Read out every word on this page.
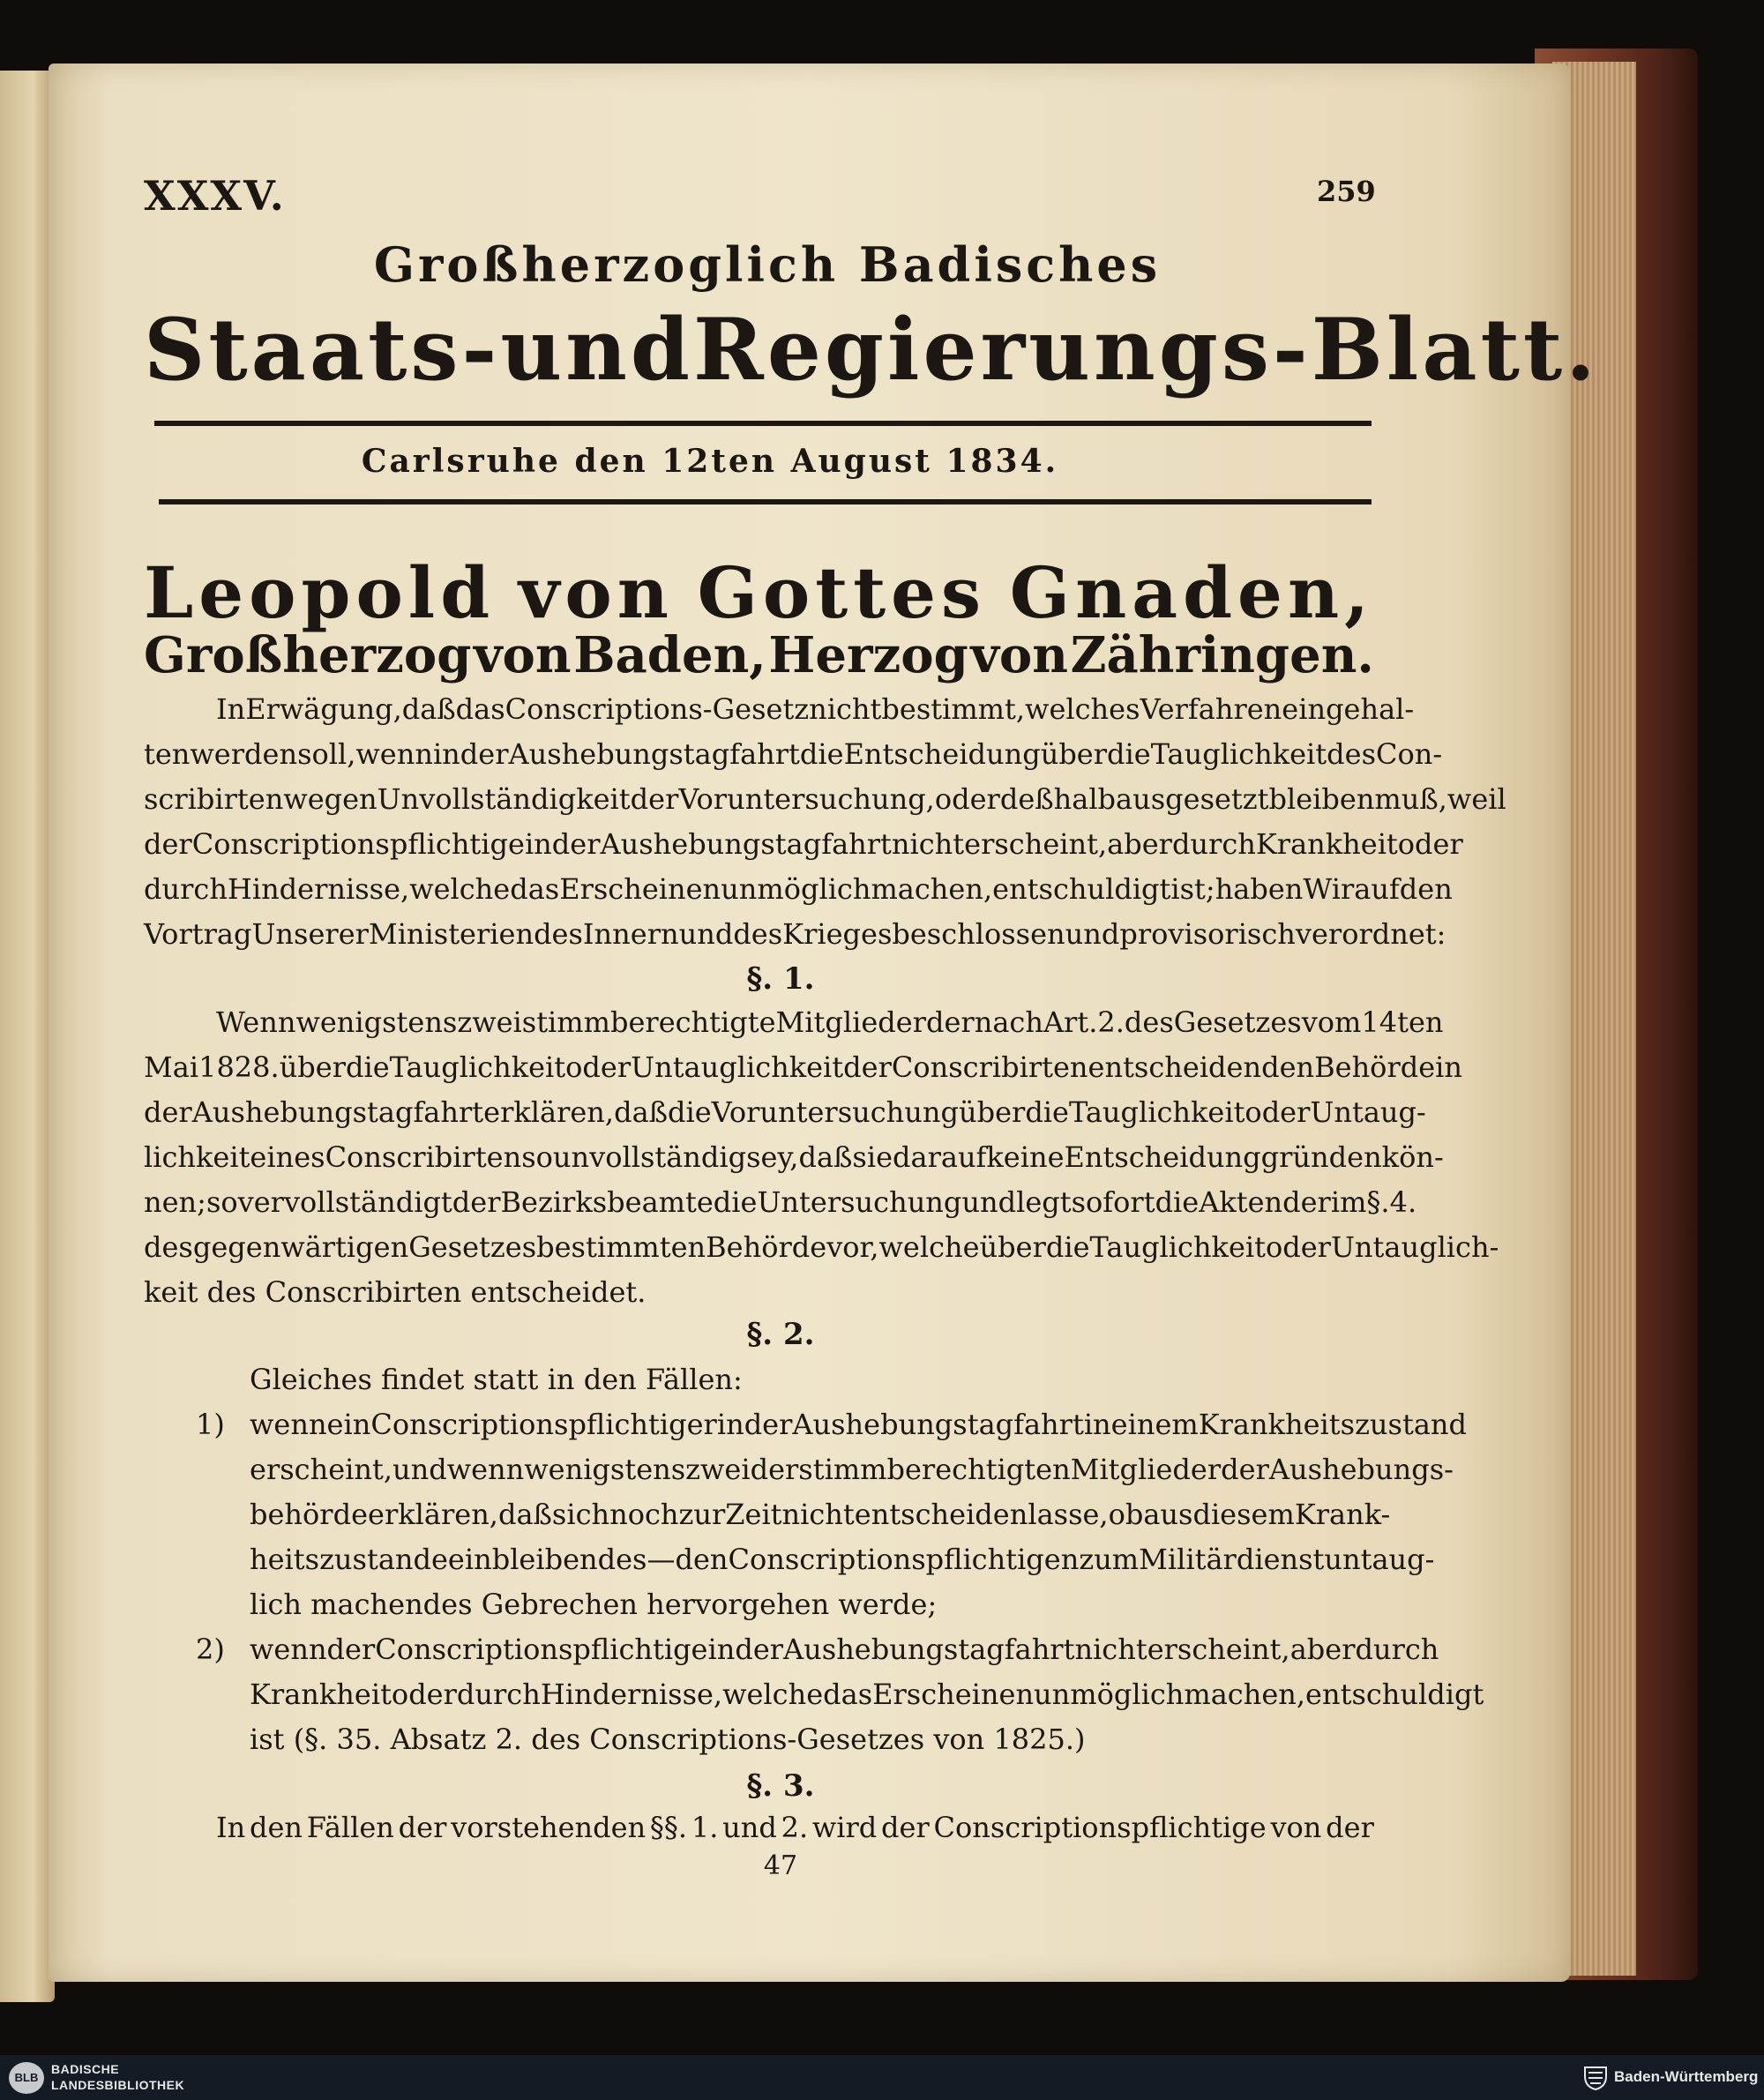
XXXV.	259
Großherzoglich Badisches
Staats - und Regierungs - Blatt.
Carlsruhe den 12ten August 1834.
Leopold von Gottes Gnaden,
Großherzog von Baden, Herzog von Zähringen.
In Erwägung, daß das Conscriptions-Gesetz nicht bestimmt, welches Verfahren eingehal-
ten werden soll, wenn in der Aushebungstagfahrt die Entscheidung über die Tauglichkeit des Con-
scribirten wegen Unvollständigkeit der Voruntersuchung, oder deßhalb ausgesetzt bleiben muß, weil
der Conscriptionspflichtige in der Aushebungstagfahrt nicht erscheint, aber durch Krankheit oder
durch Hindernisse, welche das Erscheinen unmöglich machen, entschuldigt ist; haben Wir auf den
Vortrag Unserer Ministerien des Innern und des Krieges beschlossen und provisorisch verordnet:
§. 1.
Wenn wenigstens zwei stimmberechtigte Mitglieder der nach Art. 2. des Gesetzes vom 14ten
Mai 1828. über die Tauglichkeit oder Untauglichkeit der Conscribirten entscheidenden Behörde in
der Aushebungstagfahrt erklären, daß die Voruntersuchung über die Tauglichkeit oder Untaug-
lichkeit eines Conscribirten so unvollständig sey, daß sie darauf keine Entscheidung gründen kön-
nen; so vervollständigt der Bezirksbeamte die Untersuchung und legt sofort die Akten der im §. 4.
des gegenwärtigen Gesetzes bestimmten Behörde vor, welche über die Tauglichkeit oder Untauglich-
keit des Conscribirten entscheidet.
§. 2.
Gleiches findet statt in den Fällen:
1) wenn ein Conscriptionspflichtiger in der Aushebungstagfahrt in einem Krankheitszustand
erscheint, und wenn wenigstens zwei der stimmberechtigten Mitglieder der Aushebungs-
behörde erklären, daß sich noch zur Zeit nicht entscheiden lasse, ob aus diesem Krank-
heitszustande ein bleibendes — den Conscriptionspflichtigen zum Militärdienst untaug-
lich machendes Gebrechen hervorgehen werde;
2) wenn der Conscriptionspflichtige in der Aushebungstagfahrt nicht erscheint, aber durch
Krankheit oder durch Hindernisse, welche das Erscheinen unmöglich machen, entschuldigt
ist (§. 35. Absatz 2. des Conscriptions-Gesetzes von 1825.)
§. 3.
In den Fällen der vorstehenden §§. 1. und 2. wird der Conscriptionspflichtige von der
47
BLB
BADISCHE
LANDESBIBLIOTHEK	Baden-Württemberg
